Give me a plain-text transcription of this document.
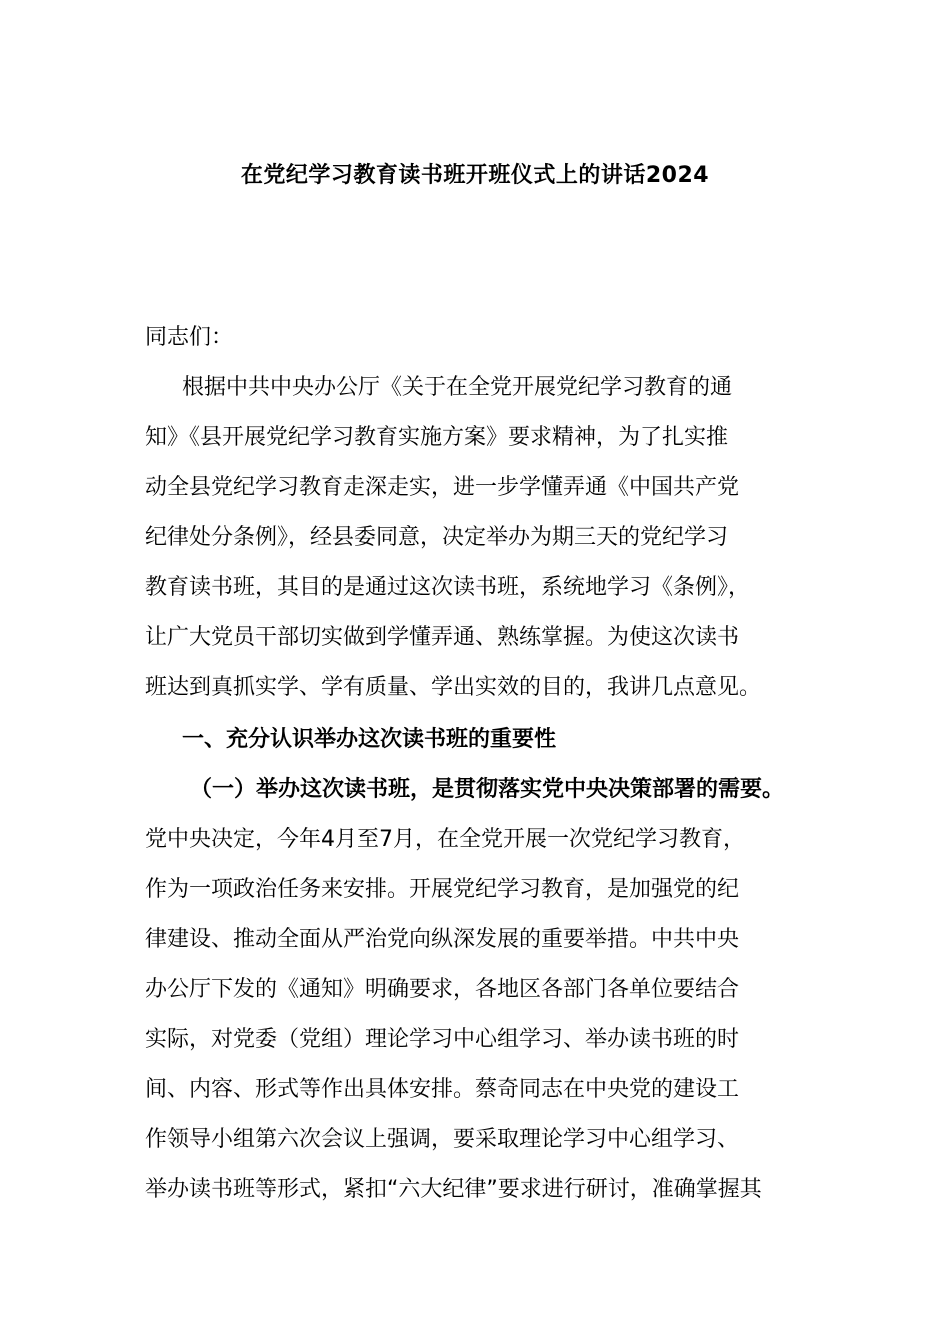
在党纪学习教育读书班开班仪式上的讲话2024
同志们：
根据中共中央办公厅《关于在全党开展党纪学习教育的通
知》《县开展党纪学习教育实施方案》要求精神，为了扎实推
动全县党纪学习教育走深走实，进一步学懂弄通《中国共产党
纪律处分条例》，经县委同意，决定举办为期三天的党纪学习
教育读书班，其目的是通过这次读书班，系统地学习《条例》，
让广大党员干部切实做到学懂弄通、熟练掌握。为使这次读书
班达到真抓实学、学有质量、学出实效的目的，我讲几点意见。
一、充分认识举办这次读书班的重要性
（一）举办这次读书班，是贯彻落实党中央决策部署的需要。
党中央决定，今年4月至7月，在全党开展一次党纪学习教育，
作为一项政治任务来安排。开展党纪学习教育，是加强党的纪
律建设、推动全面从严治党向纵深发展的重要举措。中共中央
办公厅下发的《通知》明确要求，各地区各部门各单位要结合
实际，对党委（党组）理论学习中心组学习、举办读书班的时
间、内容、形式等作出具体安排。蔡奇同志在中央党的建设工
作领导小组第六次会议上强调，要采取理论学习中心组学习、
举办读书班等形式，紧扣“六大纪律”要求进行研讨，准确掌握其
